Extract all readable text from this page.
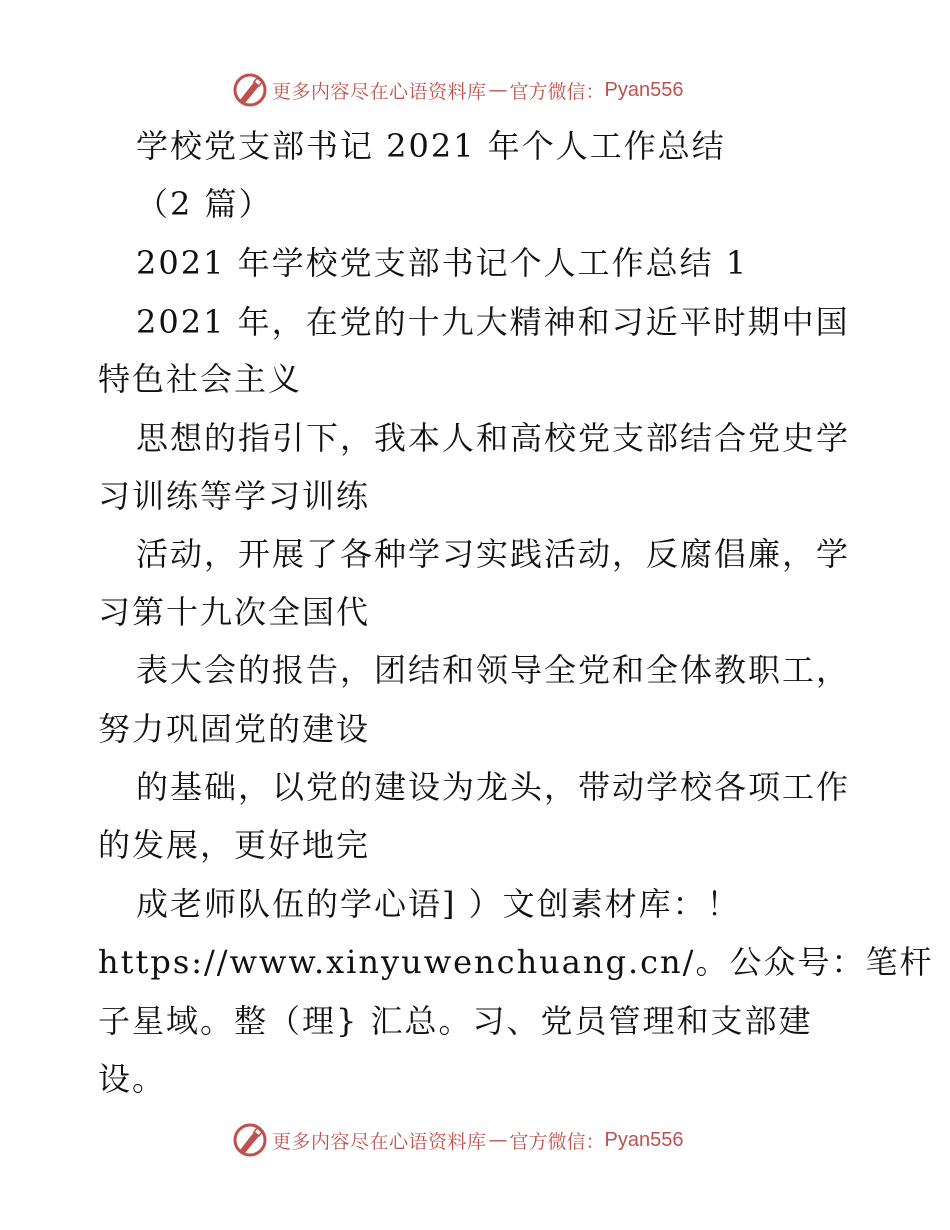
更多内容尽在心语资料库 — 官方微信： Pyan556
学校党支部书记 2021 年个人工作总结
（2 篇）
2021 年学校党支部书记个人工作总结 1
2021 年，在党的十九大精神和习近平时期中国
特色社会主义
思想的指引下，我本人和高校党支部结合党史学
习训练等学习训练
活动，开展了各种学习实践活动，反腐倡廉，学
习第十九次全国代
表大会的报告，团结和领导全党和全体教职工，
努力巩固党的建设
的基础，以党的建设为龙头，带动学校各项工作
的发展，更好地完
成老师队伍的学心语] ）文创素材库：！
https://www.xinyuwenchuang.cn/。公众号：笔杆
子星域。整（理} 汇总。习、党员管理和支部建
设。
更多内容尽在心语资料库 — 官方微信： Pyan556
